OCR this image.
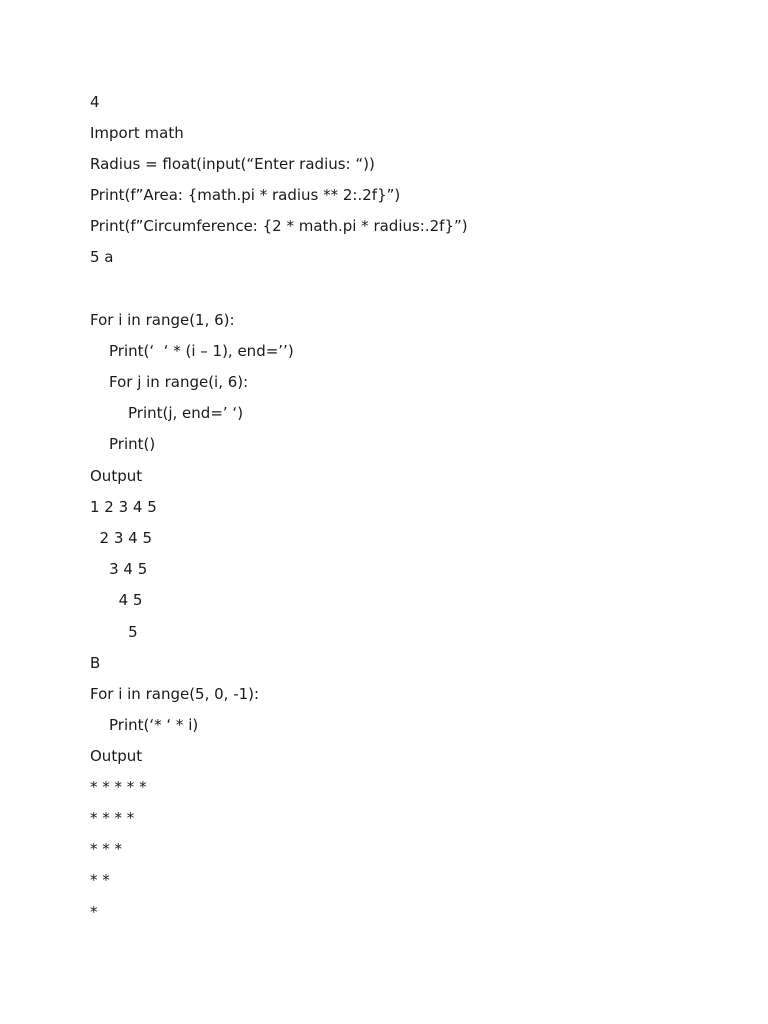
4

Import math

Radius = float(input(“Enter radius: “))

Print(f”Area: {math.pi * radius ** 2:.2f}”)

Print(f”Circumference: {2 * math.pi * radius:.2f}”)

5 a

For i in range(1, 6):

Print(‘  ‘ * (i – 1), end=’’)

For j in range(i, 6):

Print(j, end=’ ‘)

Print()

Output

1 2 3 4 5

2 3 4 5

3 4 5

4 5

5

B

For i in range(5, 0, -1):

Print(‘* ‘ * i)

Output

* * * * *

* * * *

* * *

* *

*
